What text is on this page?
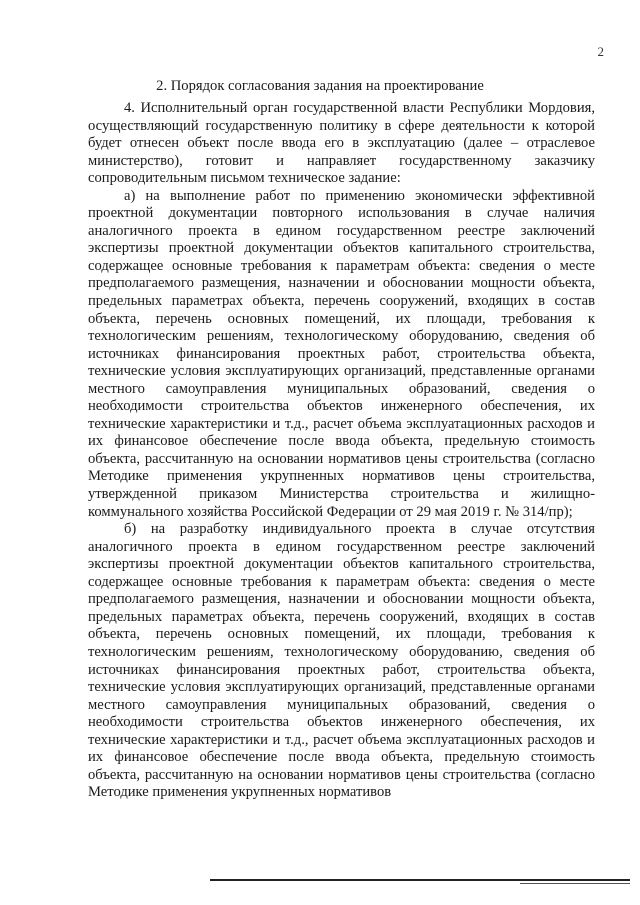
2
2. Порядок согласования задания на проектирование

4. Исполнительный орган государственной власти Республики Мордовия, осуществляющий государственную политику в сфере деятельности к которой будет отнесен объект после ввода его в эксплуатацию (далее – отраслевое министерство), готовит и направляет государственному заказчику сопроводительным письмом техническое задание:

а) на выполнение работ по применению экономически эффективной проектной документации повторного использования в случае наличия аналогичного проекта в едином государственном реестре заключений экспертизы проектной документации объектов капитального строительства, содержащее основные требования к параметрам объекта: сведения о месте предполагаемого размещения, назначении и обосновании мощности объекта, предельных параметрах объекта, перечень сооружений, входящих в состав объекта, перечень основных помещений, их площади, требования к технологическим решениям, технологическому оборудованию, сведения об источниках финансирования проектных работ, строительства объекта, технические условия эксплуатирующих организаций, представленные органами местного самоуправления муниципальных образований, сведения о необходимости строительства объектов инженерного обеспечения, их технические характеристики и т.д., расчет объема эксплуатационных расходов и их финансовое обеспечение после ввода объекта, предельную стоимость объекта, рассчитанную на основании нормативов цены строительства (согласно Методике применения укрупненных нормативов цены строительства, утвержденной приказом Министерства строительства и жилищно-коммунального хозяйства Российской Федерации от 29 мая 2019 г. № 314/пр);

б) на разработку индивидуального проекта в случае отсутствия аналогичного проекта в едином государственном реестре заключений экспертизы проектной документации объектов капитального строительства, содержащее основные требования к параметрам объекта: сведения о месте предполагаемого размещения, назначении и обосновании мощности объекта, предельных параметрах объекта, перечень сооружений, входящих в состав объекта, перечень основных помещений, их площади, требования к технологическим решениям, технологическому оборудованию, сведения об источниках финансирования проектных работ, строительства объекта, технические условия эксплуатирующих организаций, представленные органами местного самоуправления муниципальных образований, сведения о необходимости строительства объектов инженерного обеспечения, их технические характеристики и т.д., расчет объема эксплуатационных расходов и их финансовое обеспечение после ввода объекта, предельную стоимость объекта, рассчитанную на основании нормативов цены строительства (согласно Методике применения укрупненных нормативов
